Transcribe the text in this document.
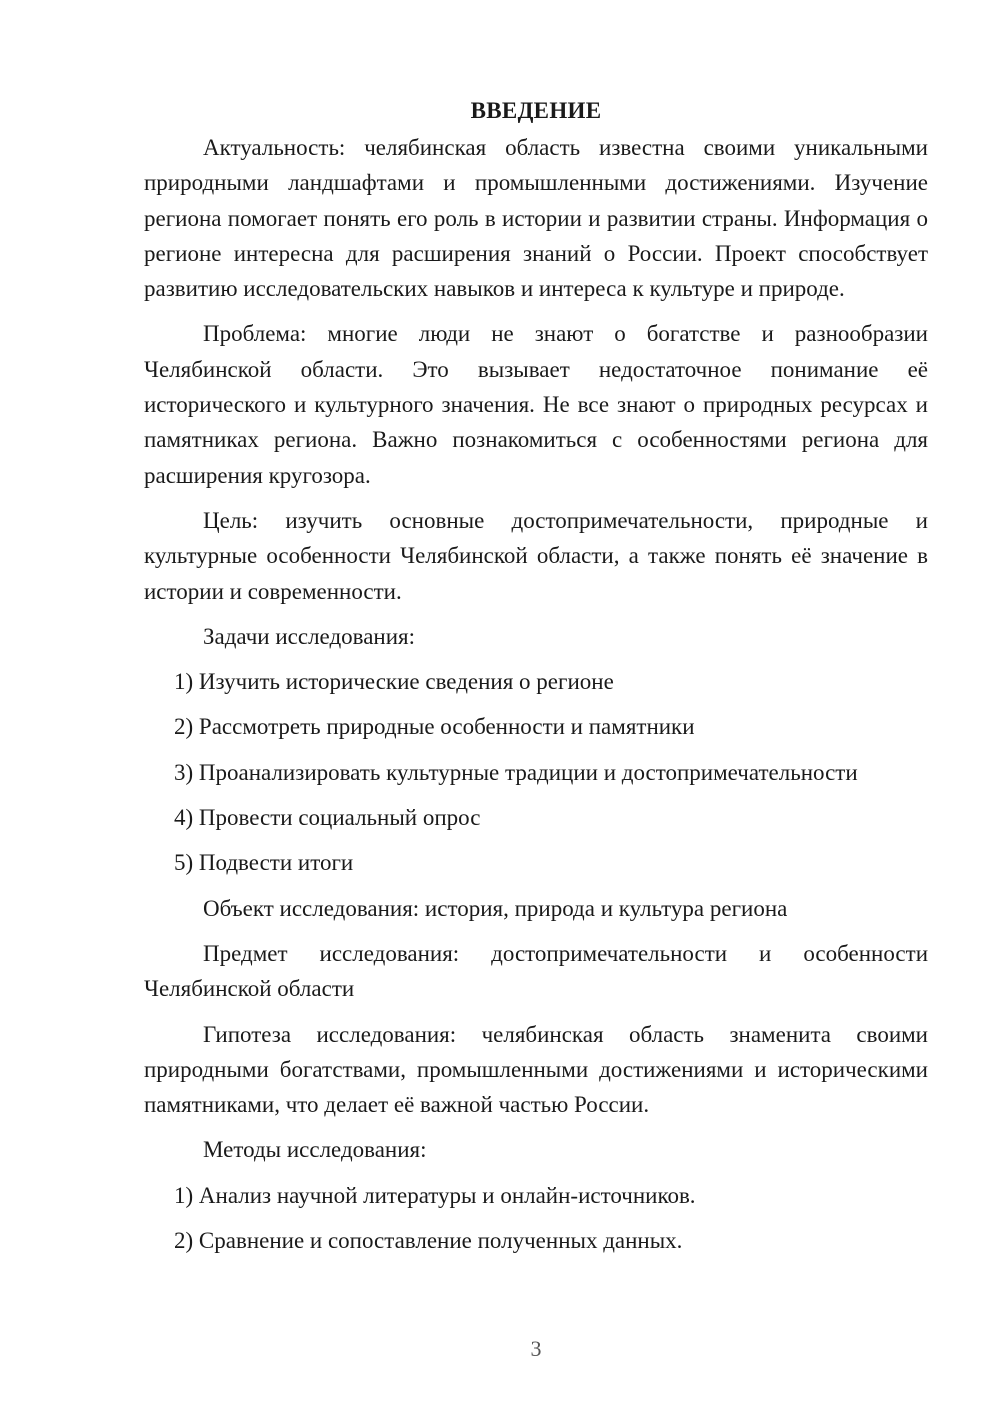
ВВЕДЕНИЕ

Актуальность: челябинская область известна своими уникальными природными ландшафтами и промышленными достижениями. Изучение региона помогает понять его роль в истории и развитии страны. Информация о регионе интересна для расширения знаний о России. Проект способствует развитию исследовательских навыков и интереса к культуре и природе.

Проблема: многие люди не знают о богатстве и разнообразии Челябинской области. Это вызывает недостаточное понимание её исторического и культурного значения. Не все знают о природных ресурсах и памятниках региона. Важно познакомиться с особенностями региона для расширения кругозора.

Цель: изучить основные достопримечательности, природные и культурные особенности Челябинской области, а также понять её значение в истории и современности.

Задачи исследования:

1) Изучить исторические сведения о регионе
2) Рассмотреть природные особенности и памятники
3) Проанализировать культурные традиции и достопримечательности
4) Провести социальный опрос
5) Подвести итоги

Объект исследования: история, природа и культура региона

Предмет исследования: достопримечательности и особенности Челябинской области

Гипотеза исследования: челябинская область знаменита своими природными богатствами, промышленными достижениями и историческими памятниками, что делает её важной частью России.

Методы исследования:

1) Анализ научной литературы и онлайн-источников.
2) Сравнение и сопоставление полученных данных.
3
